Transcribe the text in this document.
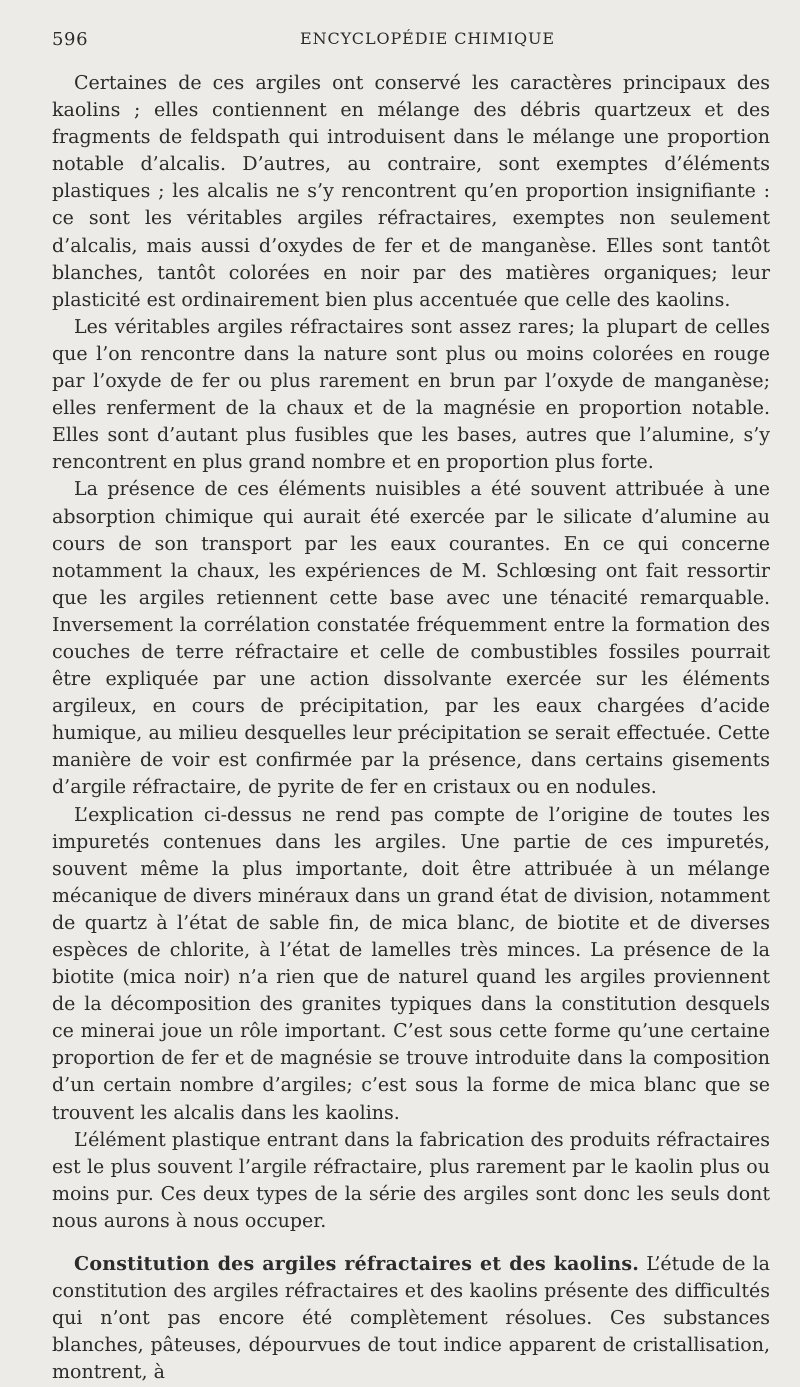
596	ENCYCLOPÉDIE CHIMIQUE

Certaines de ces argiles ont conservé les caractères principaux des kaolins ; elles contiennent en mélange des débris quartzeux et des fragments de feldspath qui introduisent dans le mélange une proportion notable d’alcalis. D’autres, au contraire, sont exemptes d’éléments plastiques ; les alcalis ne s’y rencontrent qu’en proportion insignifiante : ce sont les véritables argiles réfractaires, exemptes non seulement d’alcalis, mais aussi d’oxydes de fer et de manganèse. Elles sont tantôt blanches, tantôt colorées en noir par des matières organiques; leur plasticité est ordinairement bien plus accentuée que celle des kaolins.

Les véritables argiles réfractaires sont assez rares; la plupart de celles que l’on rencontre dans la nature sont plus ou moins colorées en rouge par l’oxyde de fer ou plus rarement en brun par l’oxyde de manganèse; elles renferment de la chaux et de la magnésie en proportion notable. Elles sont d’autant plus fusibles que les bases, autres que l’alumine, s’y rencontrent en plus grand nombre et en proportion plus forte.

La présence de ces éléments nuisibles a été souvent attribuée à une absorption chimique qui aurait été exercée par le silicate d’alumine au cours de son transport par les eaux courantes. En ce qui concerne notamment la chaux, les expériences de M. Schlœsing ont fait ressortir que les argiles retiennent cette base avec une ténacité remarquable. Inversement la corrélation constatée fréquemment entre la formation des couches de terre réfractaire et celle de combustibles fossiles pourrait être expliquée par une action dissolvante exercée sur les éléments argileux, en cours de précipitation, par les eaux chargées d’acide humique, au milieu desquelles leur précipitation se serait effectuée. Cette manière de voir est confirmée par la présence, dans certains gisements d’argile réfractaire, de pyrite de fer en cristaux ou en nodules.

L’explication ci-dessus ne rend pas compte de l’origine de toutes les impuretés contenues dans les argiles. Une partie de ces impuretés, souvent même la plus importante, doit être attribuée à un mélange mécanique de divers minéraux dans un grand état de division, notamment de quartz à l’état de sable fin, de mica blanc, de biotite et de diverses espèces de chlorite, à l’état de lamelles très minces. La présence de la biotite (mica noir) n’a rien que de naturel quand les argiles proviennent de la décomposition des granites typiques dans la constitution desquels ce minerai joue un rôle important. C’est sous cette forme qu’une certaine proportion de fer et de magnésie se trouve introduite dans la composition d’un certain nombre d’argiles; c’est sous la forme de mica blanc que se trouvent les alcalis dans les kaolins.

L’élément plastique entrant dans la fabrication des produits réfractaires est le plus souvent l’argile réfractaire, plus rarement par le kaolin plus ou moins pur. Ces deux types de la série des argiles sont donc les seuls dont nous aurons à nous occuper.

Constitution des argiles réfractaires et des kaolins. L’étude de la constitution des argiles réfractaires et des kaolins présente des difficultés qui n’ont pas encore été complètement résolues. Ces substances blanches, pâteuses, dépourvues de tout indice apparent de cristallisation, montrent, à
